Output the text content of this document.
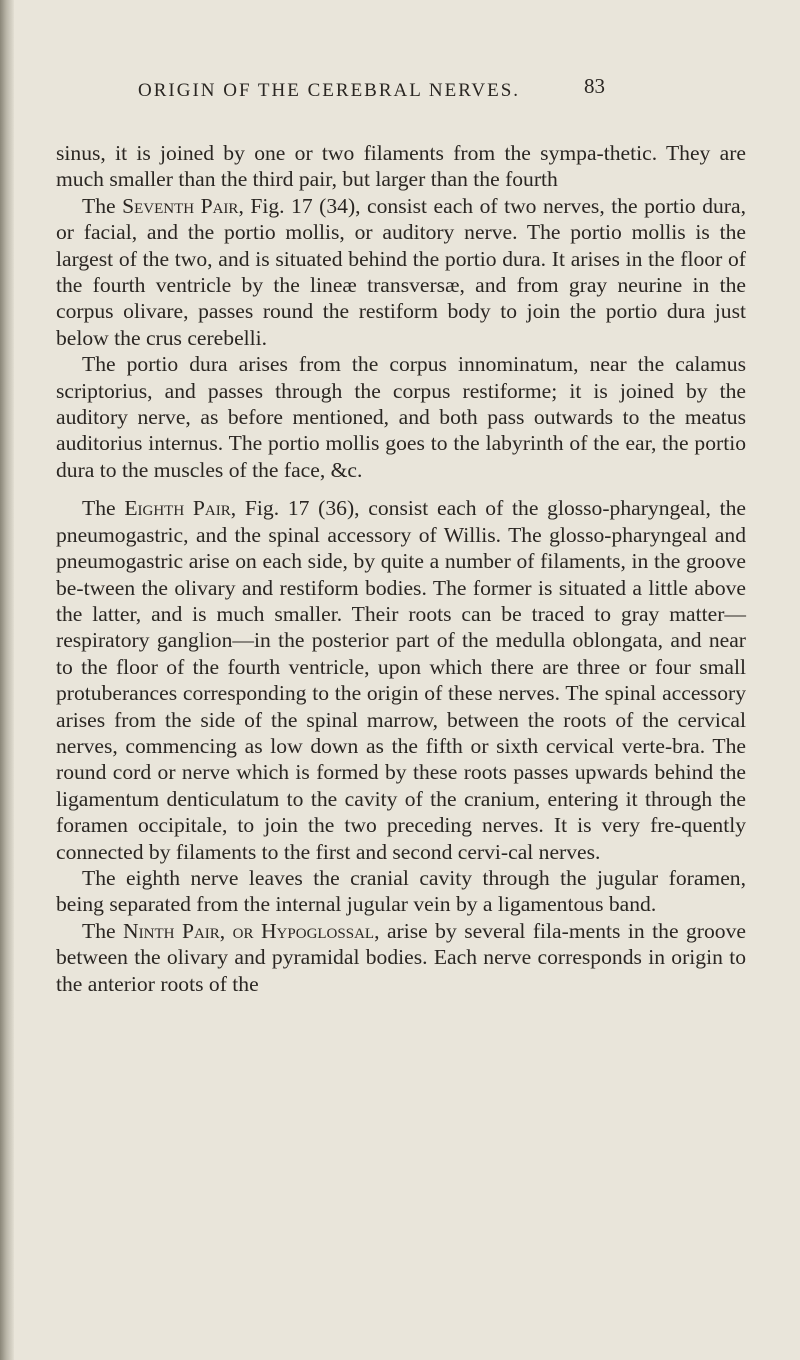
ORIGIN OF THE CEREBRAL NERVES.	83

sinus, it is joined by one or two filaments from the sympa-thetic. They are much smaller than the third pair, but larger than the fourth

The Seventh Pair, Fig. 17 (34), consist each of two nerves, the portio dura, or facial, and the portio mollis, or auditory nerve. The portio mollis is the largest of the two, and is situated behind the portio dura. It arises in the floor of the fourth ventricle by the lineæ transversæ, and from gray neurine in the corpus olivare, passes round the restiform body to join the portio dura just below the crus cerebelli.

The portio dura arises from the corpus innominatum, near the calamus scriptorius, and passes through the corpus restiforme; it is joined by the auditory nerve, as before mentioned, and both pass outwards to the meatus auditorius internus. The portio mollis goes to the labyrinth of the ear, the portio dura to the muscles of the face, &c.

The Eighth Pair, Fig. 17 (36), consist each of the glosso-pharyngeal, the pneumogastric, and the spinal accessory of Willis. The glosso-pharyngeal and pneumogastric arise on each side, by quite a number of filaments, in the groove be-tween the olivary and restiform bodies. The former is situated a little above the latter, and is much smaller. Their roots can be traced to gray matter—respiratory ganglion—in the posterior part of the medulla oblongata, and near to the floor of the fourth ventricle, upon which there are three or four small protuberances corresponding to the origin of these nerves. The spinal accessory arises from the side of the spinal marrow, between the roots of the cervical nerves, commencing as low down as the fifth or sixth cervical verte-bra. The round cord or nerve which is formed by these roots passes upwards behind the ligamentum denticulatum to the cavity of the cranium, entering it through the foramen occipitale, to join the two preceding nerves. It is very fre-quently connected by filaments to the first and second cervi-cal nerves.

The eighth nerve leaves the cranial cavity through the jugular foramen, being separated from the internal jugular vein by a ligamentous band.

The Ninth Pair, or Hypoglossal, arise by several fila-ments in the groove between the olivary and pyramidal bodies. Each nerve corresponds in origin to the anterior roots of the
